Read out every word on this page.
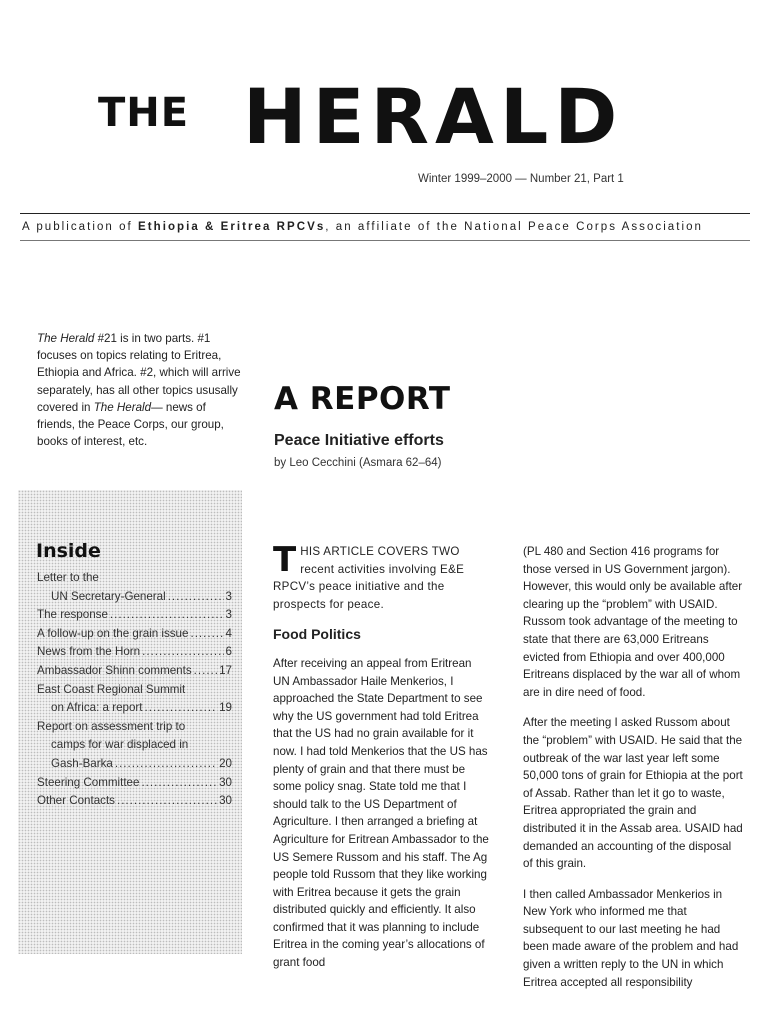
THE HERALD
Winter 1999–2000 — Number 21, Part 1
A publication of Ethiopia & Eritrea RPCVs, an affiliate of the National Peace Corps Association
The Herald #21 is in two parts. #1 focuses on topics relating to Eritrea, Ethiopia and Africa. #2, which will arrive separately, has all other topics ususally covered in The Herald— news of friends, the Peace Corps, our group, books of interest, etc.
A REPORT
Peace Initiative efforts
by Leo Cecchini (Asmara 62–64)
Inside
Letter to the
UN Secretary-General .....	3
The response .....	3
A follow-up on the grain issue .....	4
News from the Horn .....	6
Ambassador Shinn comments ..... 17
East Coast Regional Summit
on Africa: a report .....	19
Report on assessment trip to
camps for war displaced in
Gash-Barka .....	20
Steering Committee .....	30
Other Contacts .....	30

THIS ARTICLE COVERS TWO recent activities involving E&E RPCV’s peace initiative and the prospects for peace.

Food Politics

After receiving an appeal from Eritrean UN Ambassador Haile Menkerios, I approached the State Department to see why the US government had told Eritrea that the US had no grain available for it now. I had told Menkerios that the US has plenty of grain and that there must be some policy snag. State told me that I should talk to the US Department of Agriculture. I then arranged a briefing at Agriculture for Eritrean Ambassador to the US Semere Russom and his staff. The Ag people told Russom that they like working with Eritrea because it gets the grain distributed quickly and efficiently. It also confirmed that it was planning to include Eritrea in the coming year’s allocations of grant food

(PL 480 and Section 416 programs for those versed in US Government jargon). However, this would only be available after clearing up the “problem” with USAID. Russom took advantage of the meeting to state that there are 63,000 Eritreans evicted from Ethiopia and over 400,000 Eritreans displaced by the war all of whom are in dire need of food.

After the meeting I asked Russom about the “problem” with USAID. He said that the outbreak of the war last year left some 50,000 tons of grain for Ethiopia at the port of Assab. Rather than let it go to waste, Eritrea appropriated the grain and distributed it in the Assab area. USAID had demanded an accounting of the disposal of this grain.

I then called Ambassador Menkerios in New York who informed me that subsequent to our last meeting he had been made aware of the problem and had given a written reply to the UN in which Eritrea accepted all responsibility
